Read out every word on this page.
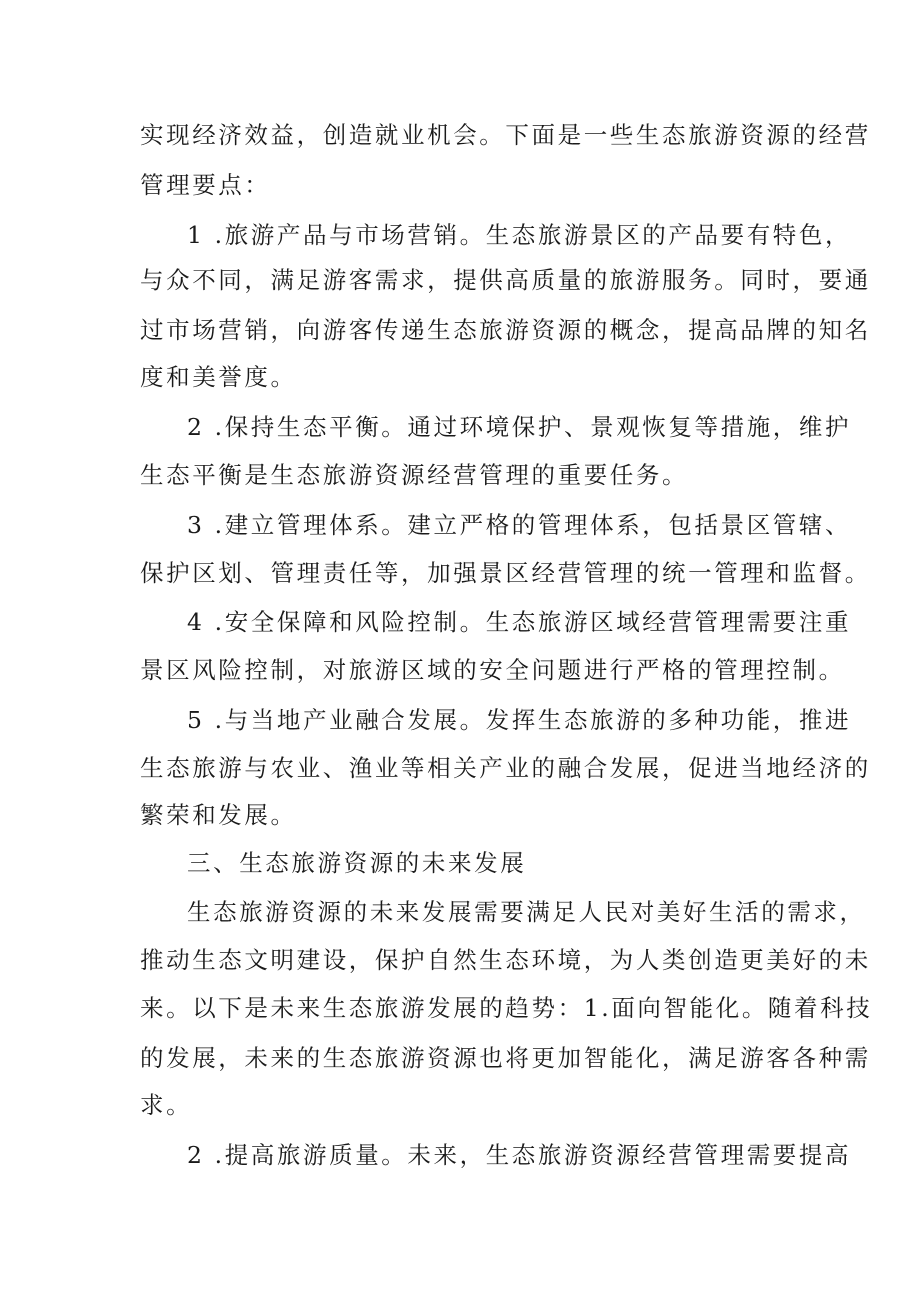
实现经济效益，创造就业机会。下面是一些生态旅游资源的经营
管理要点：
1 .旅游产品与市场营销。生态旅游景区的产品要有特色，
与众不同，满足游客需求，提供高质量的旅游服务。同时，要通
过市场营销，向游客传递生态旅游资源的概念，提高品牌的知名
度和美誉度。
2 .保持生态平衡。通过环境保护、景观恢复等措施，维护
生态平衡是生态旅游资源经营管理的重要任务。
3 .建立管理体系。建立严格的管理体系，包括景区管辖、
保护区划、管理责任等，加强景区经营管理的统一管理和监督。
4 .安全保障和风险控制。生态旅游区域经营管理需要注重
景区风险控制，对旅游区域的安全问题进行严格的管理控制。
5 .与当地产业融合发展。发挥生态旅游的多种功能，推进
生态旅游与农业、渔业等相关产业的融合发展，促进当地经济的
繁荣和发展。
三、生态旅游资源的未来发展
生态旅游资源的未来发展需要满足人民对美好生活的需求，
推动生态文明建设，保护自然生态环境，为人类创造更美好的未
来。以下是未来生态旅游发展的趋势：1.面向智能化。随着科技
的发展，未来的生态旅游资源也将更加智能化，满足游客各种需
求。
2 .提高旅游质量。未来，生态旅游资源经营管理需要提高
